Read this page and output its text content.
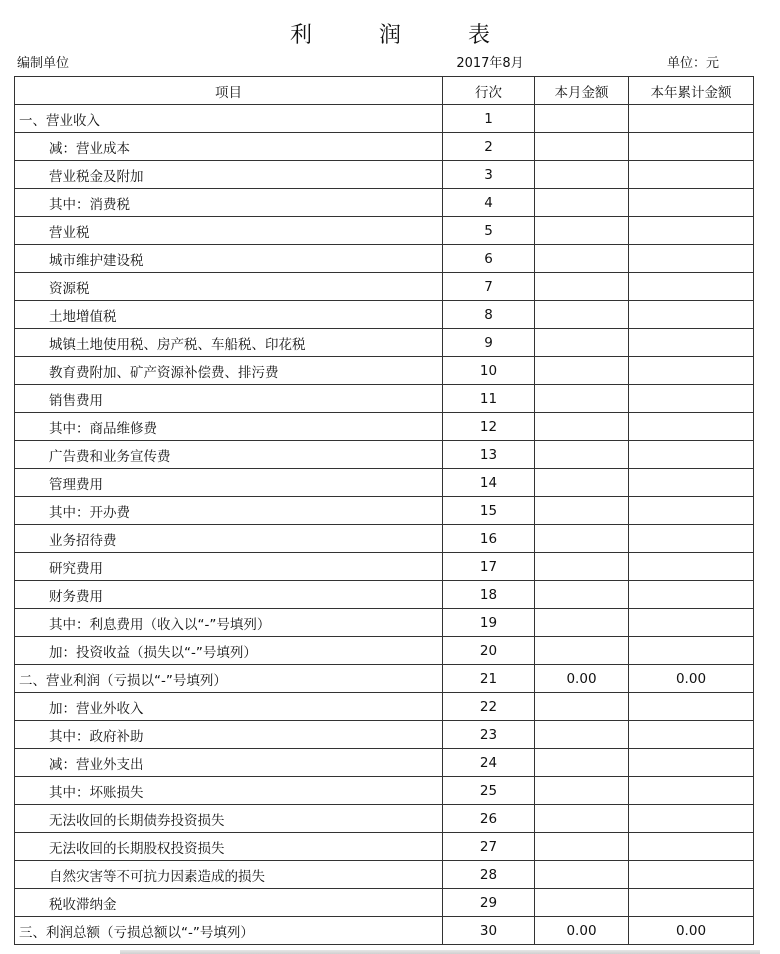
利 润 表
编制单位	2017年8月	单位：元
项目	行次	本月金额	本年累计金额
一、营业收入	1		
减：营业成本	2		
营业税金及附加	3		
其中：消费税	4		
营业税	5		
城市维护建设税	6		
资源税	7		
土地增值税	8		
城镇土地使用税、房产税、车船税、印花税	9		
教育费附加、矿产资源补偿费、排污费	10		
销售费用	11		
其中：商品维修费	12		
广告费和业务宣传费	13		
管理费用	14		
其中：开办费	15		
业务招待费	16		
研究费用	17		
财务费用	18		
其中：利息费用（收入以“-”号填列）	19		
加：投资收益（损失以“-”号填列）	20		
二、营业利润（亏损以“-”号填列）	21	0.00	0.00
加：营业外收入	22		
其中：政府补助	23		
减：营业外支出	24		
其中：坏账损失	25		
无法收回的长期债券投资损失	26		
无法收回的长期股权投资损失	27		
自然灾害等不可抗力因素造成的损失	28		
税收滞纳金	29		
三、利润总额（亏损总额以“-”号填列）	30	0.00	0.00
